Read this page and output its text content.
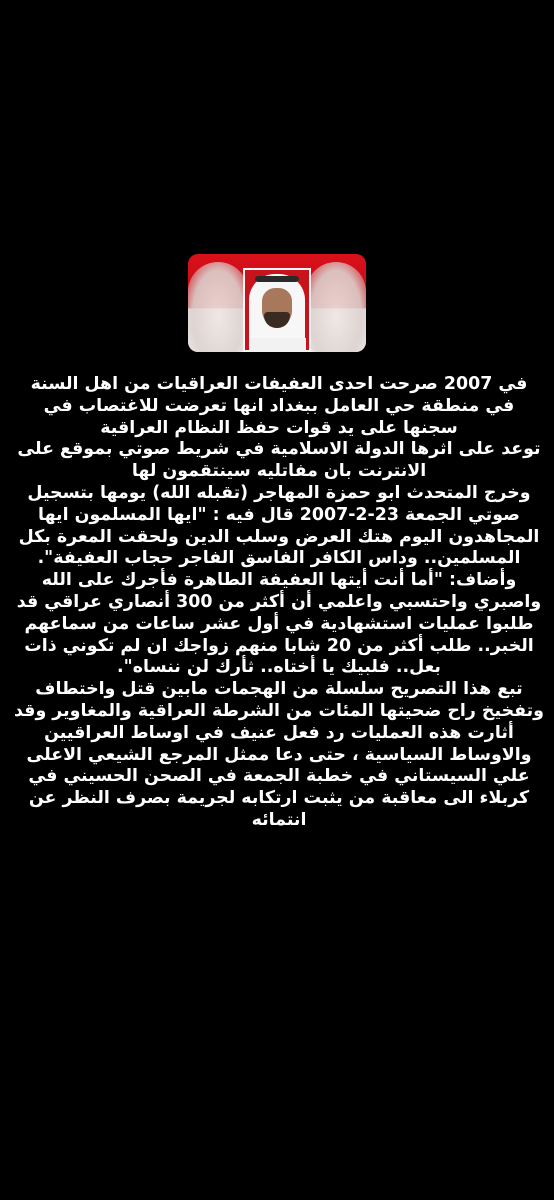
في 2007 صرحت احدى العفيفات العراقيات من اهل السنة في منطقة حي العامل ببغداد انها تعرضت للاغتصاب في سجنها على يد قوات حفظ النظام العراقية

توعد على اثرها الدولة الاسلامية في شريط صوتي بموقع على الانترنت بان مفاتليه سينتقمون لها

وخرج المتحدث ابو حمزة المهاجر (تقبله الله) يومها بتسجيل صوتي الجمعة 23-2-2007 قال فيه : "ايها المسلمون ايها المجاهدون اليوم هتك العرض وسلب الدين ولحقت المعرة بكل المسلمين.. وداس الكافر الفاسق الفاجر حجاب العفيفة".

وأضاف: "أما أنت أيتها العفيفة الطاهرة فأجرك على الله واصبري واحتسبي واعلمي أن أكثر من 300 أنصاري عراقي قد طلبوا عمليات استشهادية في أول عشر ساعات من سماعهم الخبر.. طلب أكثر من 20 شابا منهم زواجك ان لم تكوني ذات بعل.. فلبيك يا أختاه.. ثأرك لن ننساه".

تبع هذا التصريح سلسلة من الهجمات مابين قتل واختطاف وتفخيخ راح ضحيتها المئات من الشرطة العراقية والمغاوير وقد أثارت هذه العمليات رد فعل عنيف في اوساط العراقيين والاوساط السياسية ، حتى دعا ممثل المرجع الشيعي الاعلى علي السيستاني في خطبة الجمعة في الصحن الحسيني في كربلاء الى معاقبة من يثبت ارتكابه لجريمة بصرف النظر عن انتمائه
